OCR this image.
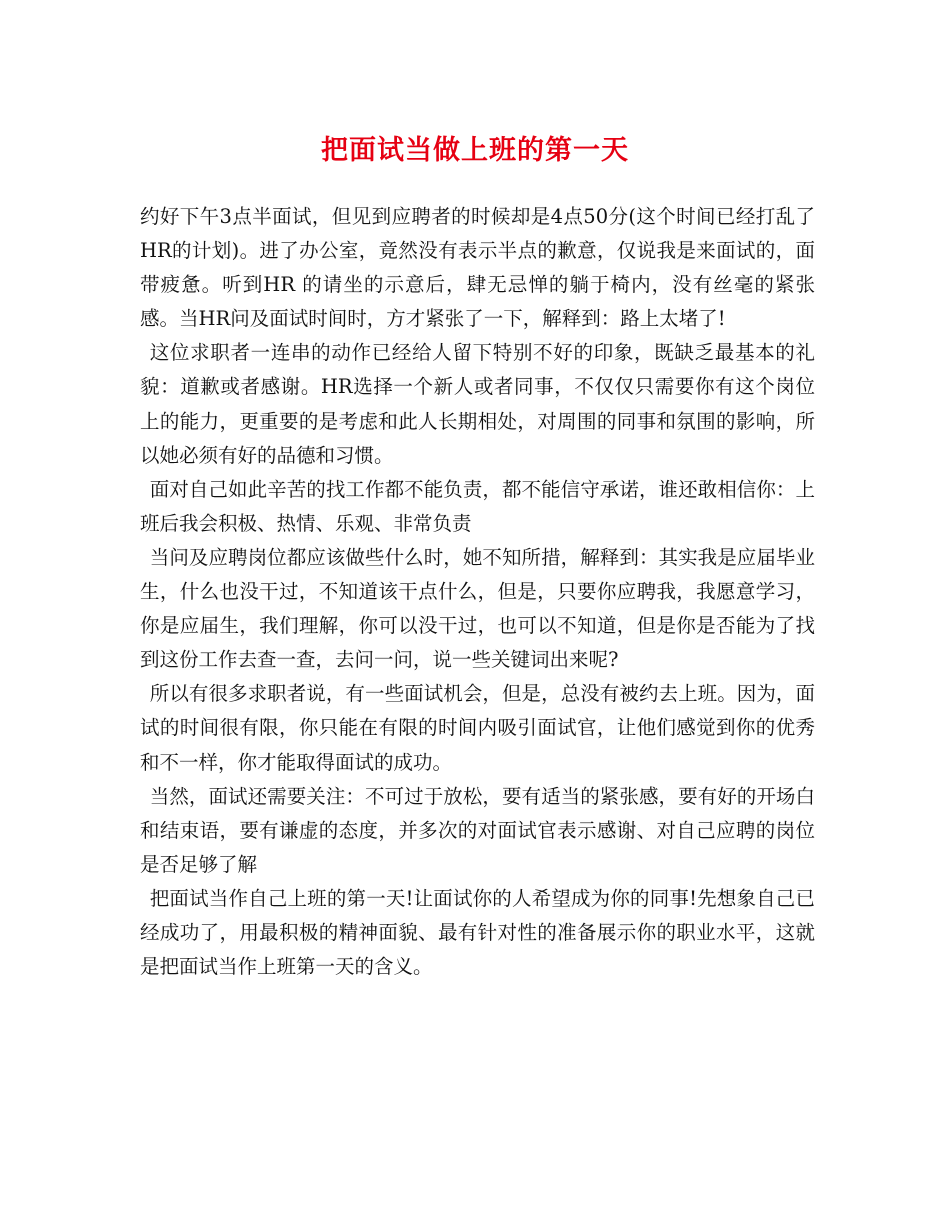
把面试当做上班的第一天

约好下午3点半面试，但见到应聘者的时候却是4点50分(这个时间已经打乱了HR的计划)。进了办公室，竟然没有表示半点的歉意，仅说我是来面试的，面带疲惫。听到HR 的请坐的示意后，肆无忌惮的躺于椅内，没有丝毫的紧张感。当HR问及面试时间时，方才紧张了一下，解释到：路上太堵了!

这位求职者一连串的动作已经给人留下特别不好的印象，既缺乏最基本的礼貌：道歉或者感谢。HR选择一个新人或者同事，不仅仅只需要你有这个岗位上的能力，更重要的是考虑和此人长期相处，对周围的同事和氛围的影响，所以她必须有好的品德和习惯。

面对自己如此辛苦的找工作都不能负责，都不能信守承诺，谁还敢相信你：上班后我会积极、热情、乐观、非常负责

当问及应聘岗位都应该做些什么时，她不知所措，解释到：其实我是应届毕业生，什么也没干过，不知道该干点什么，但是，只要你应聘我，我愿意学习，你是应届生，我们理解，你可以没干过，也可以不知道，但是你是否能为了找到这份工作去查一查，去问一问，说一些关键词出来呢?

所以有很多求职者说，有一些面试机会，但是，总没有被约去上班。因为，面试的时间很有限，你只能在有限的时间内吸引面试官，让他们感觉到你的优秀和不一样，你才能取得面试的成功。

当然，面试还需要关注：不可过于放松，要有适当的紧张感，要有好的开场白和结束语，要有谦虚的态度，并多次的对面试官表示感谢、对自己应聘的岗位是否足够了解

把面试当作自己上班的第一天!让面试你的人希望成为你的同事!先想象自己已经成功了，用最积极的精神面貌、最有针对性的准备展示你的职业水平，这就是把面试当作上班第一天的含义。
